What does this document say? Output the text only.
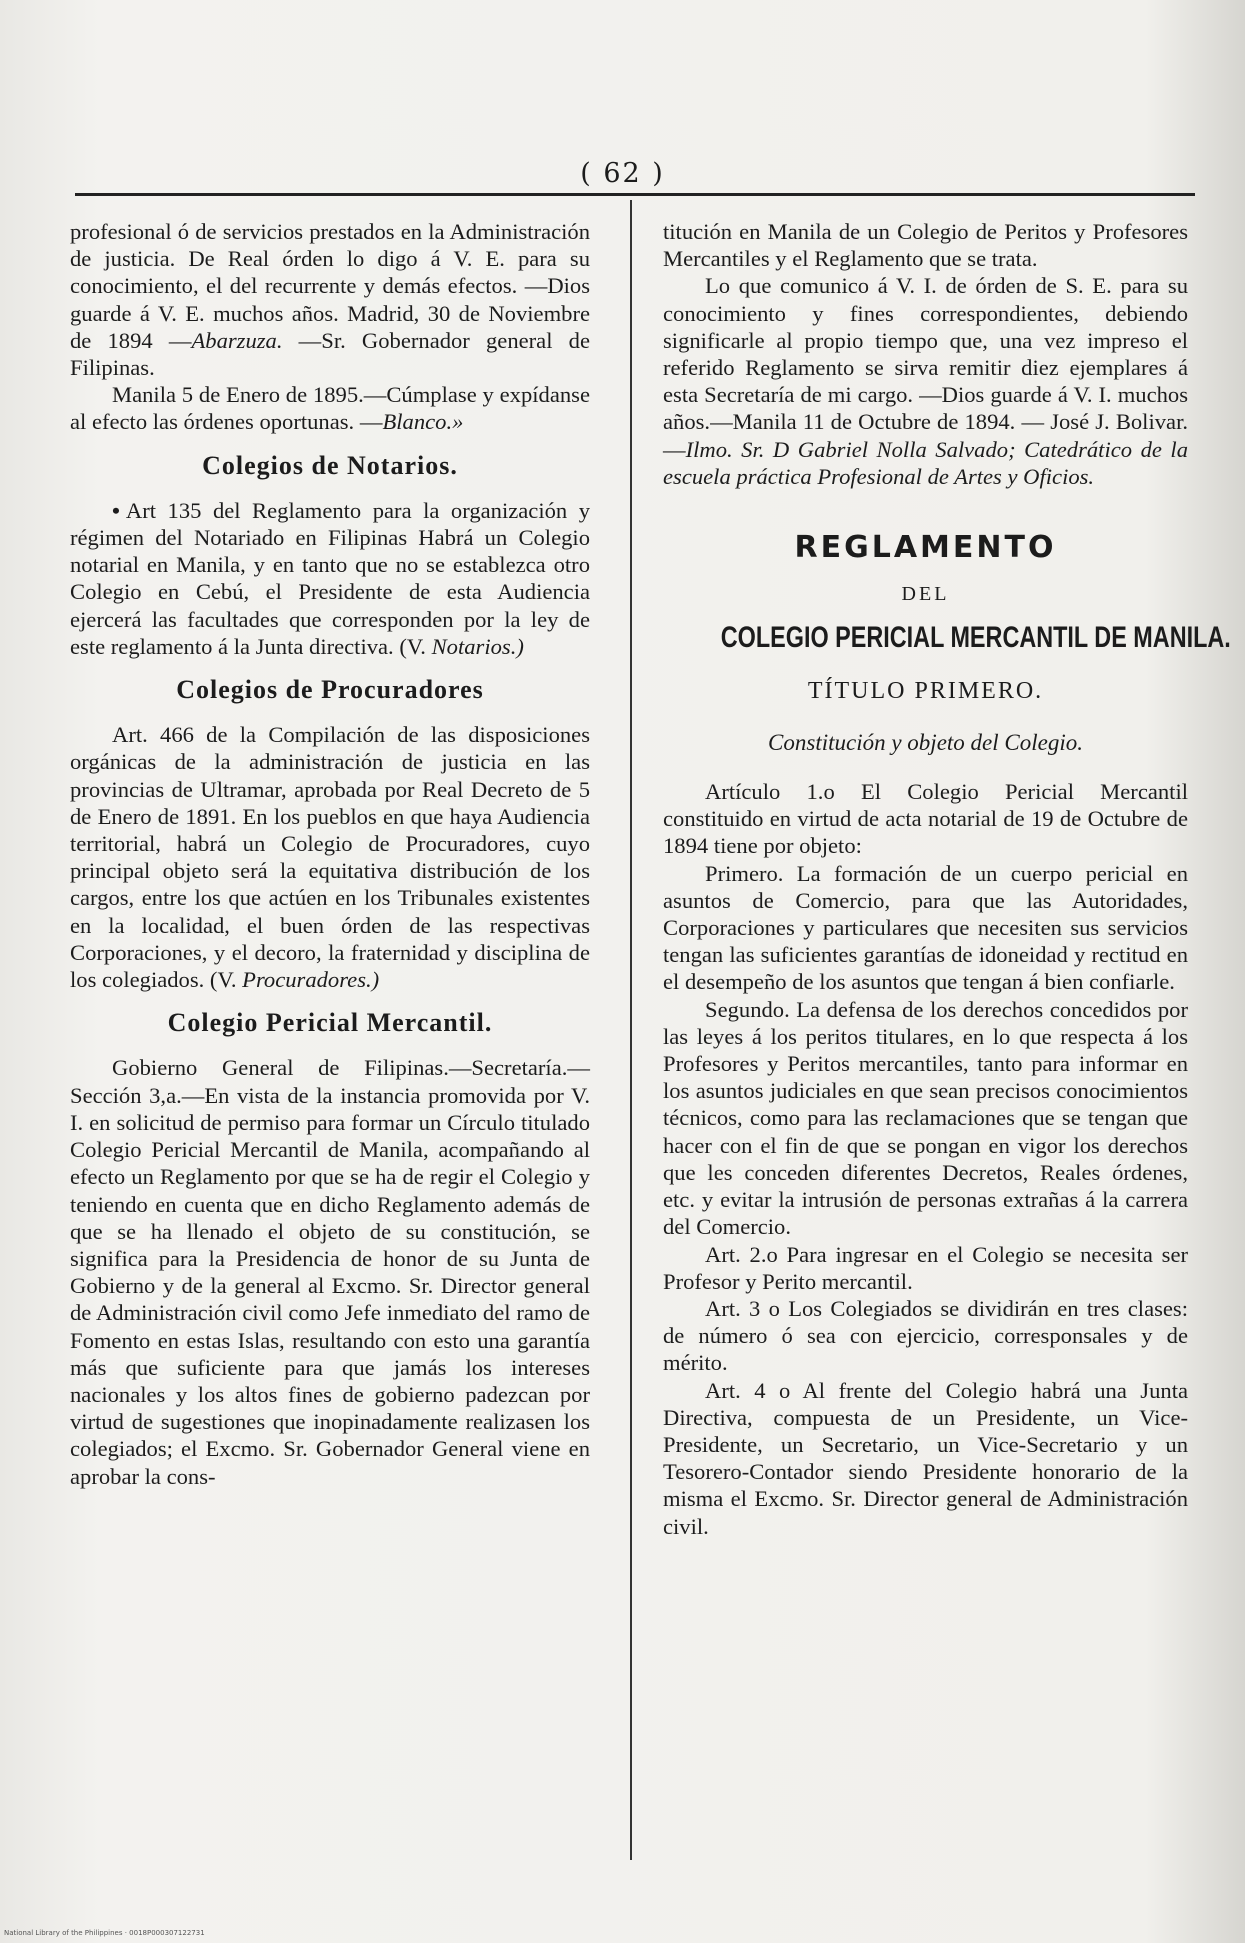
( 62 )

profesional ó de servicios prestados en la Administración de justicia. De Real órden lo digo á V. E. para su conocimiento, el del recurrente y demás efectos. —Dios guarde á V. E. muchos años. Madrid, 30 de Noviembre de 1894 —Abarzuza. —Sr. Gobernador general de Filipinas.

Manila 5 de Enero de 1895.—Cúmplase y expídanse al efecto las órdenes oportunas. —Blanco.»

Colegios de Notarios.

• Art 135 del Reglamento para la organización y régimen del Notariado en Filipinas Habrá un Colegio notarial en Manila, y en tanto que no se establezca otro Colegio en Cebú, el Presidente de esta Audiencia ejercerá las facultades que corresponden por la ley de este reglamento á la Junta directiva. (V. Notarios.)

Colegios de Procuradores

Art. 466 de la Compilación de las disposiciones orgánicas de la administración de justicia en las provincias de Ultramar, aprobada por Real Decreto de 5 de Enero de 1891. En los pueblos en que haya Audiencia territorial, habrá un Colegio de Procuradores, cuyo principal objeto será la equitativa distribución de los cargos, entre los que actúen en los Tribunales existentes en la localidad, el buen órden de las respectivas Corporaciones, y el decoro, la fraternidad y disciplina de los colegiados. (V. Procuradores.)

Colegio Pericial Mercantil.

Gobierno General de Filipinas.—Secretaría.—Sección 3,a.—En vista de la instancia promovida por V. I. en solicitud de permiso para formar un Círculo titulado Colegio Pericial Mercantil de Manila, acompañando al efecto un Reglamento por que se ha de regir el Colegio y teniendo en cuenta que en dicho Reglamento además de que se ha llenado el objeto de su constitución, se significa para la Presidencia de honor de su Junta de Gobierno y de la general al Excmo. Sr. Director general de Administración civil como Jefe inmediato del ramo de Fomento en estas Islas, resultando con esto una garantía más que suficiente para que jamás los intereses nacionales y los altos fines de gobierno padezcan por virtud de sugestiones que inopinadamente realizasen los colegiados; el Excmo. Sr. Gobernador General viene en aprobar la cons-

titución en Manila de un Colegio de Peritos y Profesores Mercantiles y el Reglamento que se trata.

Lo que comunico á V. I. de órden de S. E. para su conocimiento y fines correspondientes, debiendo significarle al propio tiempo que, una vez impreso el referido Reglamento se sirva remitir diez ejemplares á esta Secretaría de mi cargo. —Dios guarde á V. I. muchos años.—Manila 11 de Octubre de 1894. — José J. Bolivar.—Ilmo. Sr. D Gabriel Nolla Salvado; Catedrático de la escuela práctica Profesional de Artes y Oficios.

REGLAMENTO

DEL

COLEGIO PERICIAL MERCANTIL DE MANILA.

TÍTULO PRIMERO.

Constitución y objeto del Colegio.

Artículo 1.o El Colegio Pericial Mercantil constituido en virtud de acta notarial de 19 de Octubre de 1894 tiene por objeto:

Primero. La formación de un cuerpo pericial en asuntos de Comercio, para que las Autoridades, Corporaciones y particulares que necesiten sus servicios tengan las suficientes garantías de idoneidad y rectitud en el desempeño de los asuntos que tengan á bien confiarle.

Segundo. La defensa de los derechos concedidos por las leyes á los peritos titulares, en lo que respecta á los Profesores y Peritos mercantiles, tanto para informar en los asuntos judiciales en que sean precisos conocimientos técnicos, como para las reclamaciones que se tengan que hacer con el fin de que se pongan en vigor los derechos que les conceden diferentes Decretos, Reales órdenes, etc. y evitar la intrusión de personas extrañas á la carrera del Comercio.

Art. 2.o Para ingresar en el Colegio se necesita ser Profesor y Perito mercantil.

Art. 3 o Los Colegiados se dividirán en tres clases: de número ó sea con ejercicio, corresponsales y de mérito.

Art. 4 o Al frente del Colegio habrá una Junta Directiva, compuesta de un Presidente, un Vice-Presidente, un Secretario, un Vice-Secretario y un Tesorero-Contador siendo Presidente honorario de la misma el Excmo. Sr. Director general de Administración civil.

National Library of the Philippines · 0018P000307122731
